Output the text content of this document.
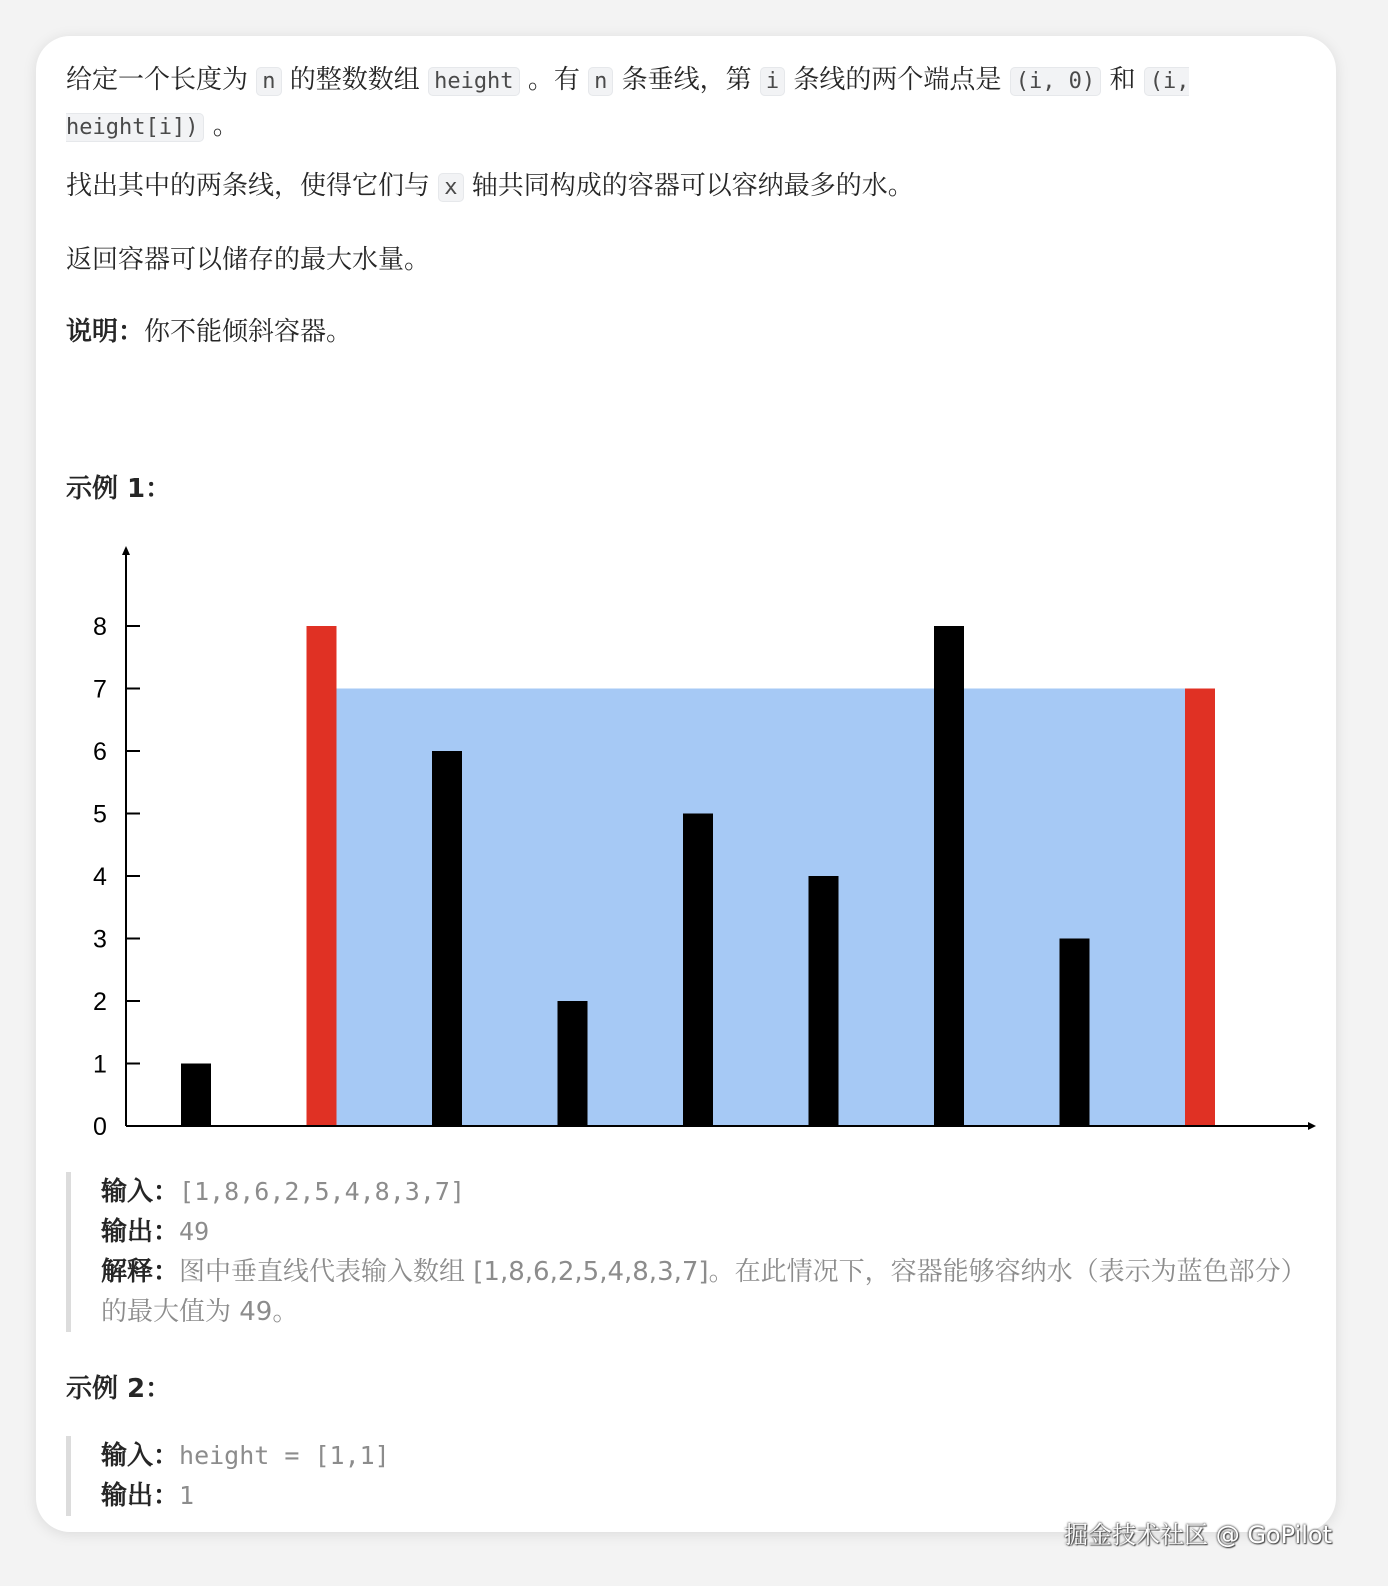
给定一个长度为 n 的整数数组 height 。有 n 条垂线，第 i 条线的两个端点是 (i, 0) 和 (i, height[i]) 。

找出其中的两条线，使得它们与 x 轴共同构成的容器可以容纳最多的水。

返回容器可以储存的最大水量。

说明：你不能倾斜容器。

示例 1：
0
1
2
3
4
5
6
7
8
输入：[1,8,6,2,5,4,8,3,7]
输出：49
解释：图中垂直线代表输入数组 [1,8,6,2,5,4,8,3,7]。在此情况下，容器能够容纳水（表示为蓝色部分）的最大值为 49。
示例 2：
输入：height = [1,1]
输出：1
掘金技术社区 @ GoPilot
